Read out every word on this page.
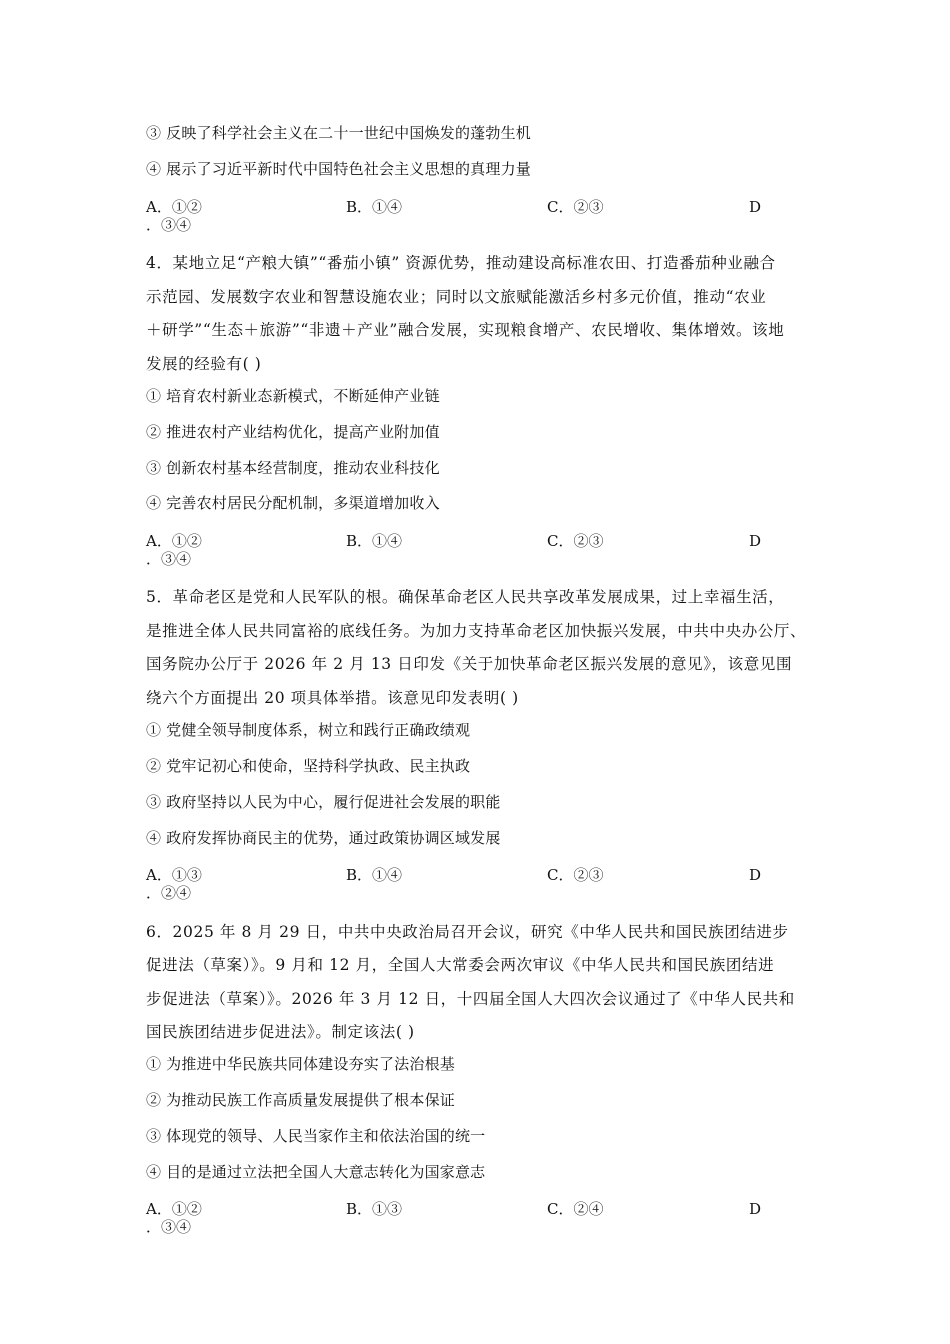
③ 反映了科学社会主义在二十一世纪中国焕发的蓬勃生机
④ 展示了习近平新时代中国特色社会主义思想的真理力量
A．①②	B．①④	C．②③	D
．③④
4．某地立足“产粮大镇”“番茄小镇” 资源优势，推动建设高标准农田、打造番茄种业融合
示范园、发展数字农业和智慧设施农业；同时以文旅赋能激活乡村多元价值，推动“农业
＋研学”“生态＋旅游”“非遗＋产业”融合发展，实现粮食增产、农民增收、集体增效。该地
发展的经验有( )
① 培育农村新业态新模式，不断延伸产业链
② 推进农村产业结构优化，提高产业附加值
③ 创新农村基本经营制度，推动农业科技化
④ 完善农村居民分配机制，多渠道增加收入
A．①②	B．①④	C．②③	D
．③④
5．革命老区是党和人民军队的根。确保革命老区人民共享改革发展成果，过上幸福生活，
是推进全体人民共同富裕的底线任务。为加力支持革命老区加快振兴发展，中共中央办公厅、
国务院办公厅于 2026 年 2 月 13 日印发《关于加快革命老区振兴发展的意见》，该意见围
绕六个方面提出 20 项具体举措。该意见印发表明( )
① 党健全领导制度体系，树立和践行正确政绩观
② 党牢记初心和使命，坚持科学执政、民主执政
③ 政府坚持以人民为中心，履行促进社会发展的职能
④ 政府发挥协商民主的优势，通过政策协调区域发展
A．①③	B．①④	C．②③	D
．②④
6．2025 年 8 月 29 日，中共中央政治局召开会议，研究《中华人民共和国民族团结进步
促进法（草案）》。9 月和 12 月，全国人大常委会两次审议《中华人民共和国民族团结进
步促进法（草案）》。2026 年 3 月 12 日，十四届全国人大四次会议通过了《中华人民共和
国民族团结进步促进法》。制定该法( )
① 为推进中华民族共同体建设夯实了法治根基
② 为推动民族工作高质量发展提供了根本保证
③ 体现党的领导、人民当家作主和依法治国的统一
④ 目的是通过立法把全国人大意志转化为国家意志
A．①②	B．①③	C．②④	D
．③④
